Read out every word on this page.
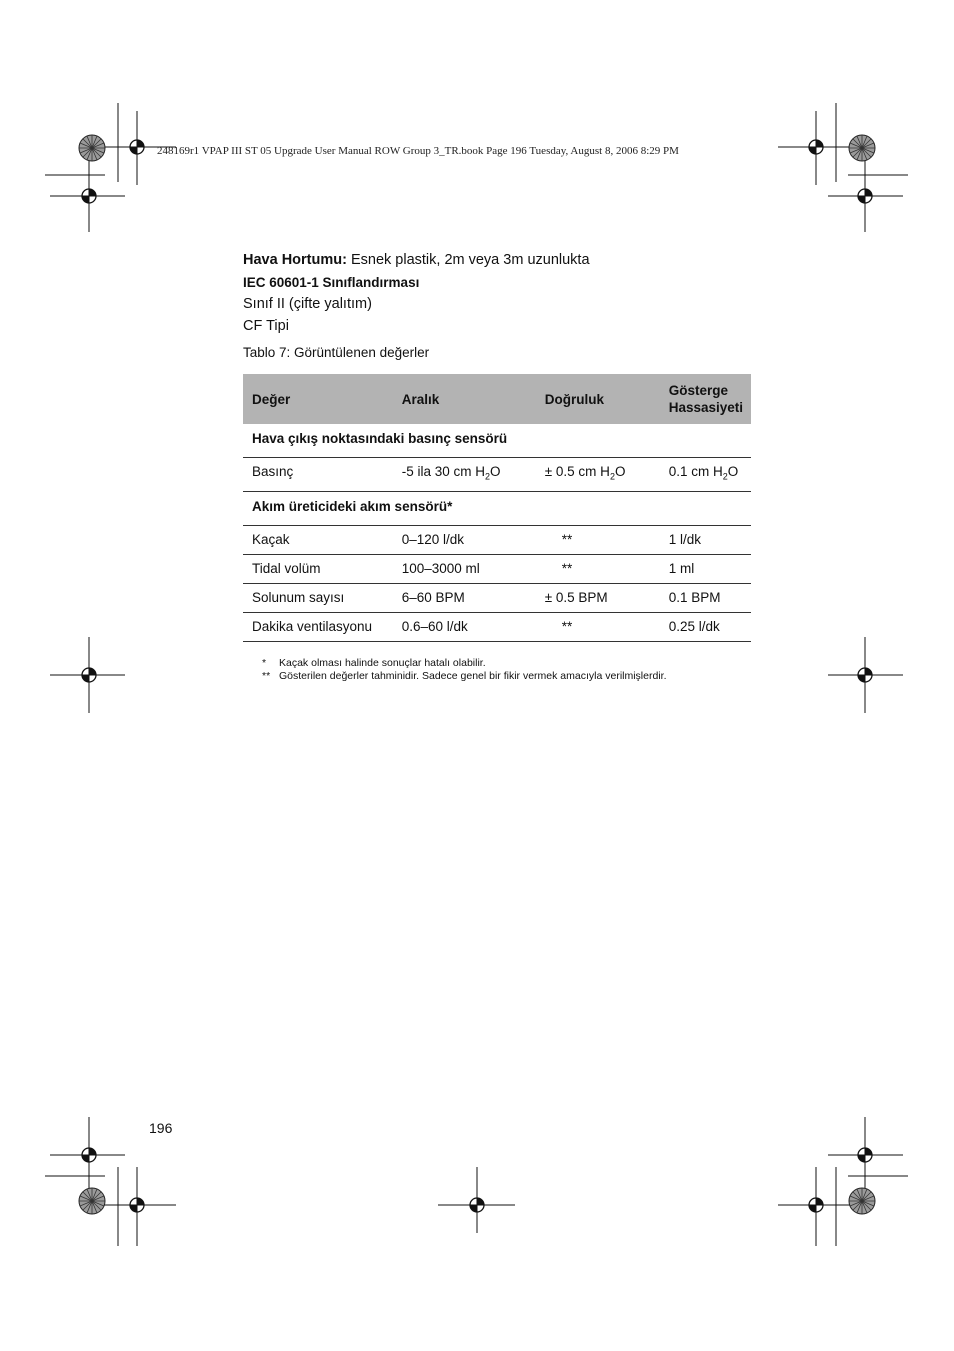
248169r1 VPAP III ST 05 Upgrade User Manual ROW Group 3_TR.book Page 196 Tuesday, August 8, 2006 8:29 PM
Hava Hortumu: Esnek plastik, 2m veya 3m uzunlukta
IEC 60601-1 Sınıflandırması
Sınıf II (çifte yalıtım)
CF Tipi
Tablo 7: Görüntülenen değerler
Değer	Aralık	Doğruluk	Gösterge Hassasiyeti
Hava çıkış noktasındaki basınç sensörü			
Basınç	-5 ila 30 cm $H_2O$	± 0.5 cm $H_2O$	0.1 cm $H_2O$
Akım üreticideki akım sensörü*			
Kaçak	0–120 l/dk	**	1 l/dk
Tidal volüm	100–3000 ml	**	1 ml
Solunum sayısı	6–60 BPM	± 0.5 BPM	0.1 BPM
Dakika ventilasyonu	0.6–60 l/dk	**	0.25 l/dk
*	Kaçak olması halinde sonuçlar hatalı olabilir.
** Gösterilen değerler tahminidir. Sadece genel bir fikir vermek amacıyla verilmişlerdir.
196
